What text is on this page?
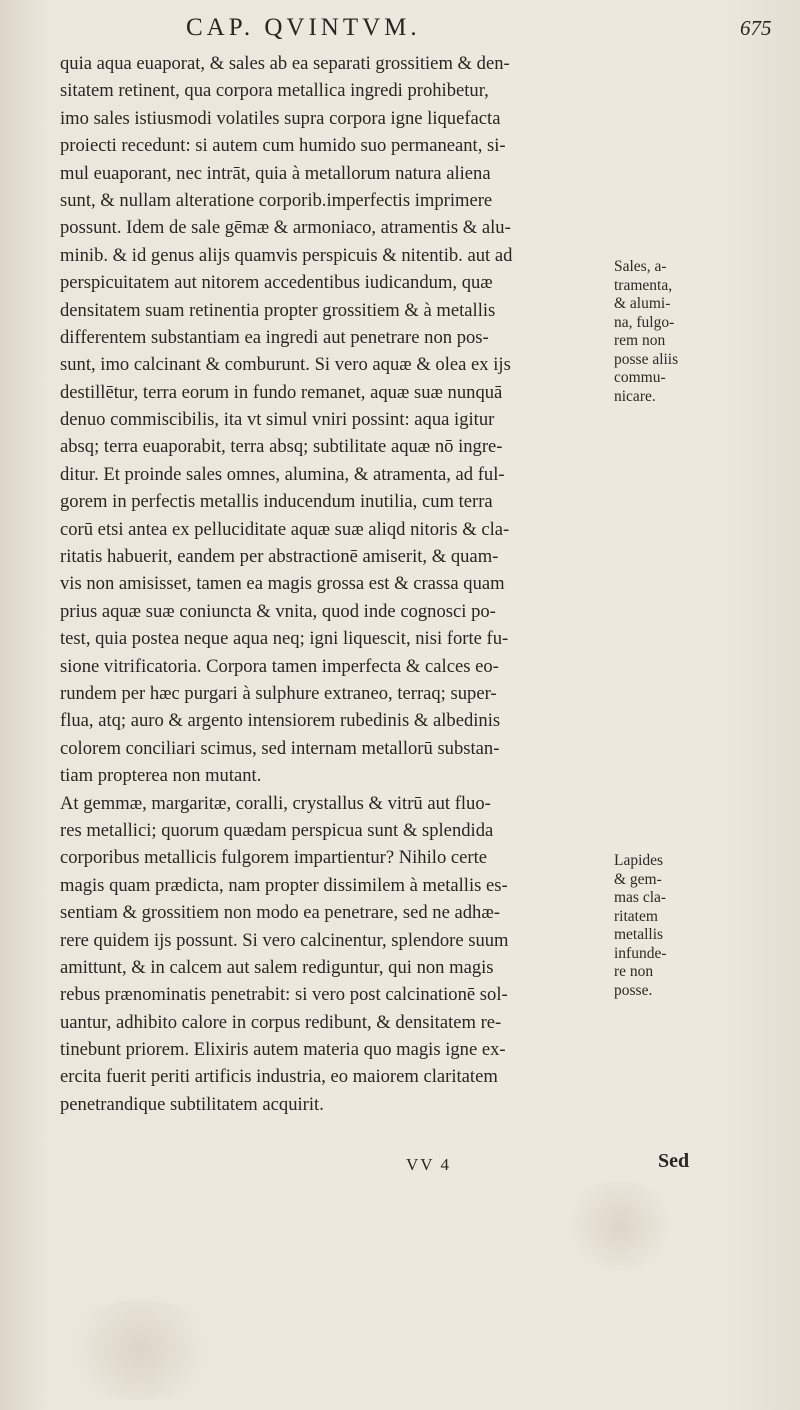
CAP. QVINTVM.	675
quia aqua euaporat, & sales ab ea separati grossitiem & den-
sitatem retinent, qua corpora metallica ingredi prohibetur,
imo sales istiusmodi volatiles supra corpora igne liquefacta
proiecti recedunt: si autem cum humido suo permaneant, si-
mul euaporant, nec intrāt, quia à metallorum natura aliena
sunt, & nullam alteratione corporib.imperfectis imprimere
possunt. Idem de sale gēmæ & armoniaco, atramentis & alu-
minib. & id genus alijs quamvis perspicuis & nitentib. aut ad
perspicuitatem aut nitorem accedentibus iudicandum, quæ
densitatem suam retinentia propter grossitiem & à metallis
differentem substantiam ea ingredi aut penetrare non pos-
sunt, imo calcinant & comburunt. Si vero aquæ & olea ex ijs
destillētur, terra eorum in fundo remanet, aquæ suæ nunquā
denuo commiscibilis, ita vt simul vniri possint: aqua igitur
absq; terra euaporabit, terra absq; subtilitate aquæ nō ingre-
ditur. Et proinde sales omnes, alumina, & atramenta, ad ful-
gorem in perfectis metallis inducendum inutilia, cum terra
corū etsi antea ex pelluciditate aquæ suæ aliqd nitoris & cla-
ritatis habuerit, eandem per abstractionē amiserit, & quam-
vis non amisisset, tamen ea magis grossa est & crassa quam
prius aquæ suæ coniuncta & vnita, quod inde cognosci po-
test, quia postea neque aqua neq; igni liquescit, nisi forte fu-
sione vitrificatoria. Corpora tamen imperfecta & calces eo-
rundem per hæc purgari à sulphure extraneo, terraq; super-
flua, atq; auro & argento intensiorem rubedinis & albedinis
colorem conciliari scimus, sed internam metallorū substan-
tiam propterea non mutant.
At gemmæ, margaritæ, coralli, crystallus & vitrū aut fluo-
res metallici; quorum quædam perspicua sunt & splendida
corporibus metallicis fulgorem impartientur? Nihilo certe
magis quam prædicta, nam propter dissimilem à metallis es-
sentiam & grossitiem non modo ea penetrare, sed ne adhæ-
rere quidem ijs possunt. Si vero calcinentur, splendore suum
amittunt, & in calcem aut salem rediguntur, qui non magis
rebus prænominatis penetrabit: si vero post calcinationē sol-
uantur, adhibito calore in corpus redibunt, & densitatem re-
tinebunt priorem. Elixiris autem materia quo magis igne ex-
ercita fuerit periti artificis industria, eo maiorem claritatem
penetrandique subtilitatem acquirit.
Sales, a-
tramenta,
& alumi-
na, fulgo-
rem non
posse aliis
commu-
nicare.
Lapides
& gem-
mas cla-
ritatem
metallis
infunde-
re non
posse.
VV 4	Sed
